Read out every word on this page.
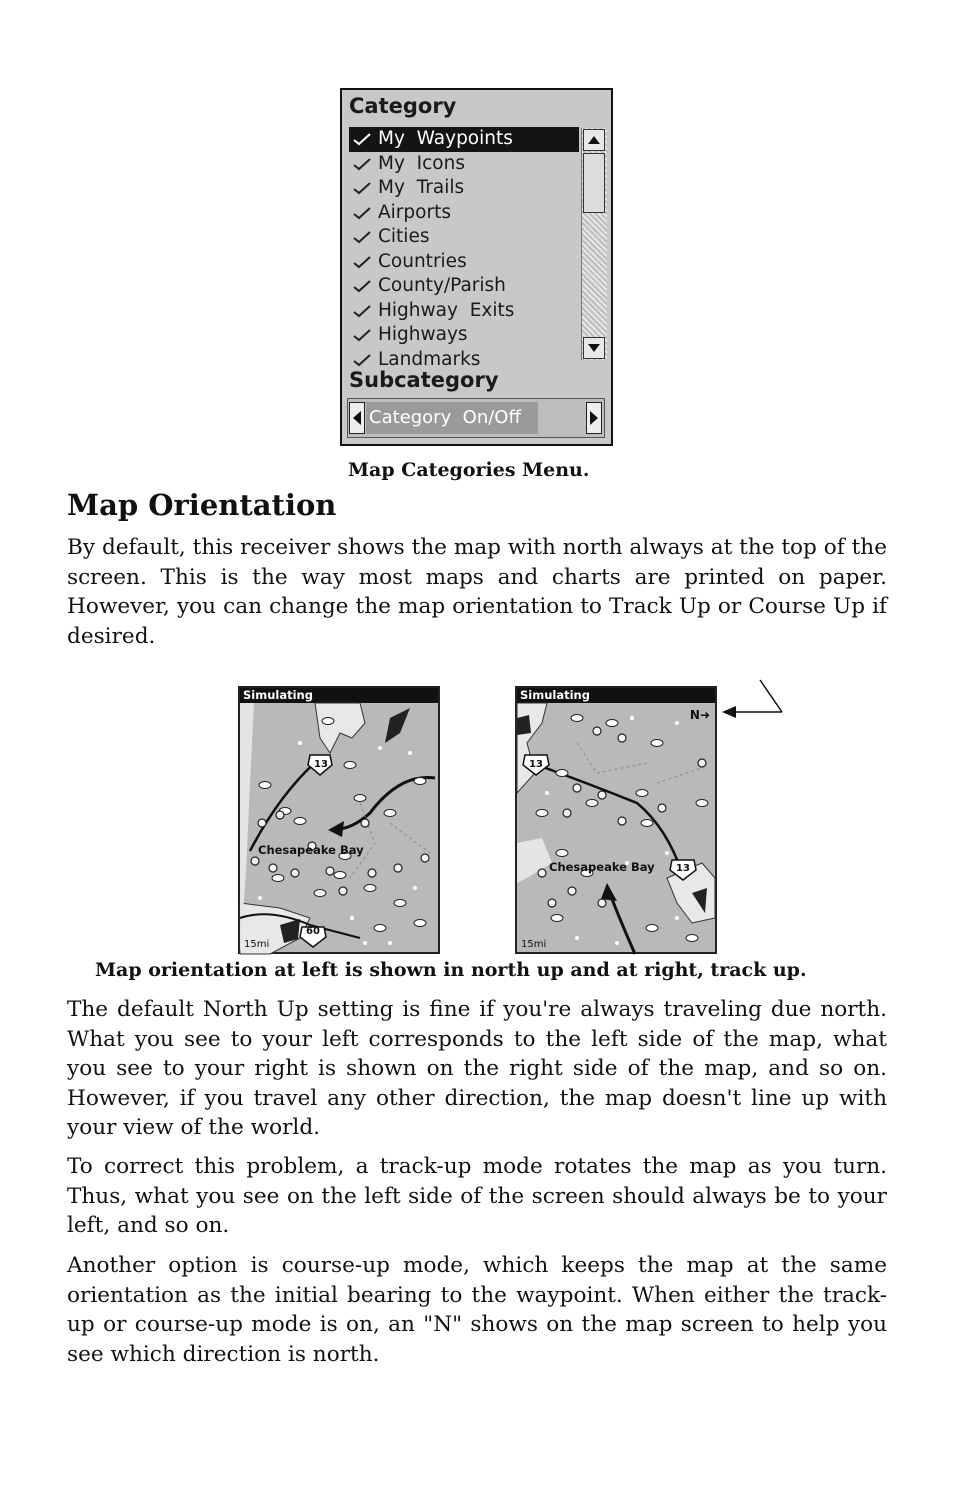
Category
My  Waypoints
My  Icons
My  Trails
Airports
Cities
Countries
County/Parish
Highway  Exits
Highways
Landmarks
Subcategory
Category  On/Off
Map Categories Menu.
Map Orientation

By default, this receiver shows the map with north always at the top of the screen. This is the way most maps and charts are printed on paper. However, you can change the map orientation to Track Up or Course Up if desired.

Simulating
13
60
Chesapeake Bay
15mi
Simulating
13
13
Chesapeake Bay
N➜
15mi
Map orientation at left is shown in north up and at right, track up.

The default North Up setting is fine if you're always traveling due north. What you see to your left corresponds to the left side of the map, what you see to your right is shown on the right side of the map, and so on. However, if you travel any other direction, the map doesn't line up with your view of the world.

To correct this problem, a track-up mode rotates the map as you turn. Thus, what you see on the left side of the screen should always be to your left, and so on.

Another option is course-up mode, which keeps the map at the same orientation as the initial bearing to the waypoint. When either the track-up or course-up mode is on, an "N" shows on the map screen to help you see which direction is north.
